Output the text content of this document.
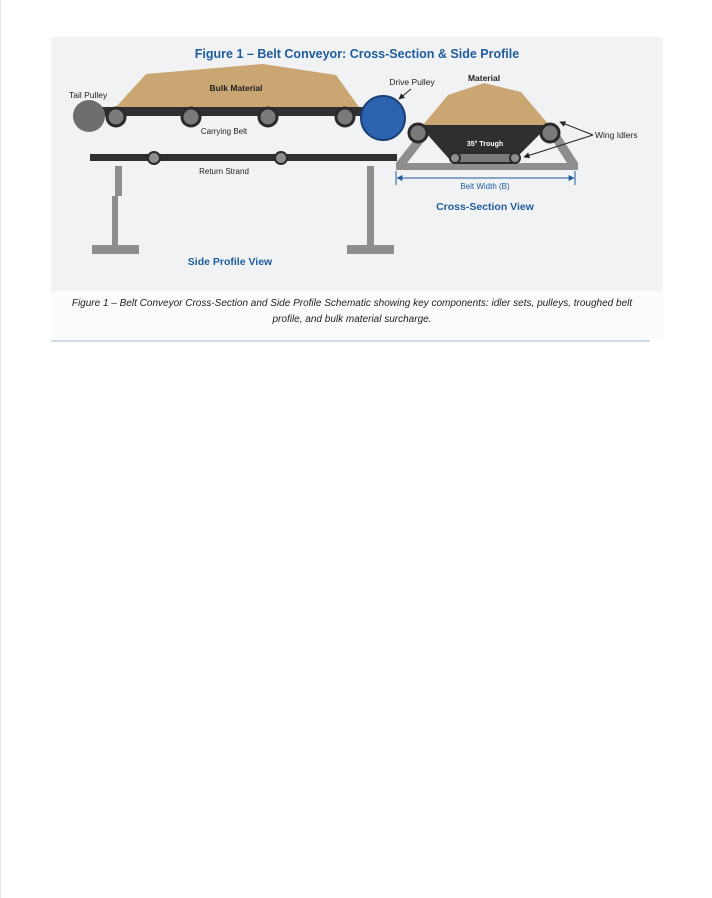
Figure 1 – Belt Conveyor: Cross-Section & Side Profile
Tail Pulley
Bulk Material
Drive Pulley
Carrying Belt
Return Strand
Side Profile View
Material
35° Trough
Wing Idlers
Belt Width (B)
Cross-Section View
Figure 1 – Belt Conveyor Cross-Section and Side Profile Schematic showing key components: idler sets, pulleys, troughed belt profile, and bulk material surcharge.
